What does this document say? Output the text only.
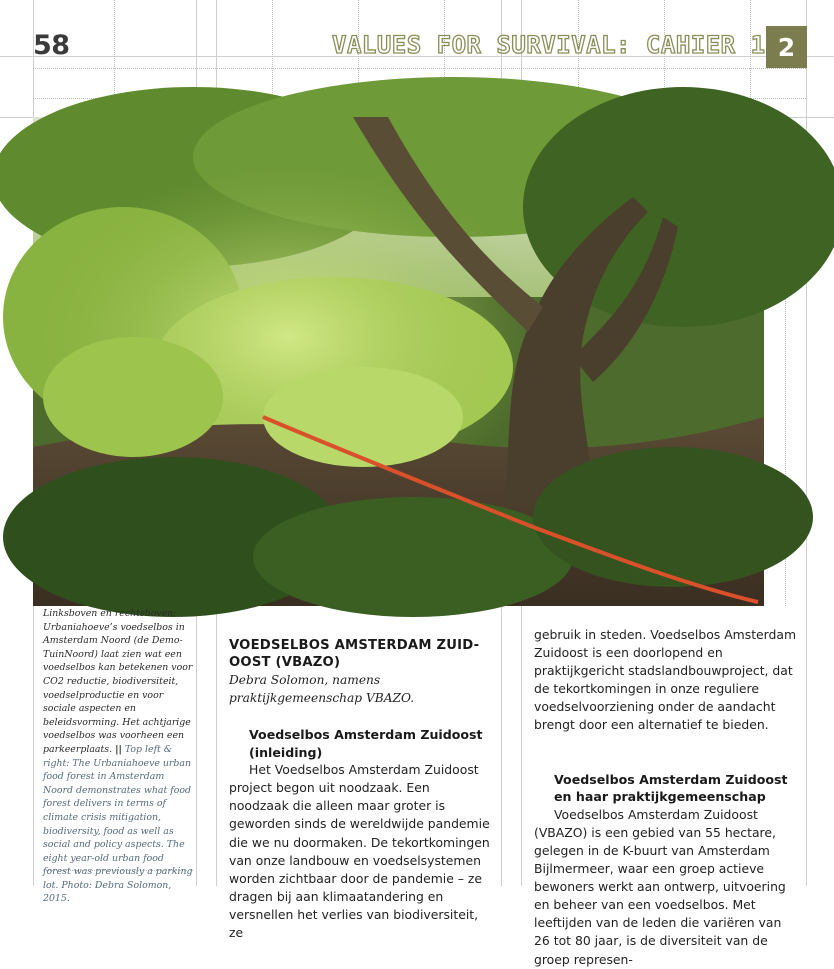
58	VALUES FOR SURVIVAL: CAHIER 1 2
Linksboven en rechtsboven: Urbaniahoeve’s voedselbos in Amsterdam Noord (de Demo-TuinNoord) laat zien wat een voedselbos kan betekenen voor CO2 reductie, biodiversiteit, voedselproductie en voor sociale aspecten en beleidsvorming. Het achtjarige voedselbos was voorheen een parkeerplaats. || Top left & right: The Urbaniahoeve urban food forest in Amsterdam Noord demonstrates what food forest delivers in terms of climate crisis mitigation, biodiversity, food as well as social and policy aspects. The eight year-old urban food forest was previously a parking lot. Photo: Debra Solomon, 2015.
VOEDSELBOS AMSTERDAM ZUID-OOST (VBAZO)
Debra Solomon, namens praktijkgemeenschap VBAZO.
Voedselbos Amsterdam Zuidoost (inleiding)
Het Voedselbos Amsterdam Zuidoost project begon uit noodzaak. Een noodzaak die alleen maar groter is geworden sinds de wereldwijde pandemie die we nu doormaken. De tekortkomingen van onze landbouw en voedselsystemen worden zichtbaar door de pandemie – ze dragen bij aan klimaatandering en versnellen het verlies van biodiversiteit, ze
gebruik in steden. Voedselbos Amsterdam Zuidoost is een doorlopend en praktijkgericht stadslandbouwproject, dat de tekortkomingen in onze reguliere voedselvoorziening onder de aandacht brengt door een alternatief te bieden.
Voedselbos Amsterdam Zuidoost en haar praktijkgemeenschap
Voedselbos Amsterdam Zuidoost (VBAZO) is een gebied van 55 hectare, gelegen in de K-buurt van Amsterdam Bijlmermeer, waar een groep actieve bewoners werkt aan ontwerp, uitvoering en beheer van een voedselbos. Met leeftijden van de leden die variëren van 26 tot 80 jaar, is de diversiteit van de groep represen-
